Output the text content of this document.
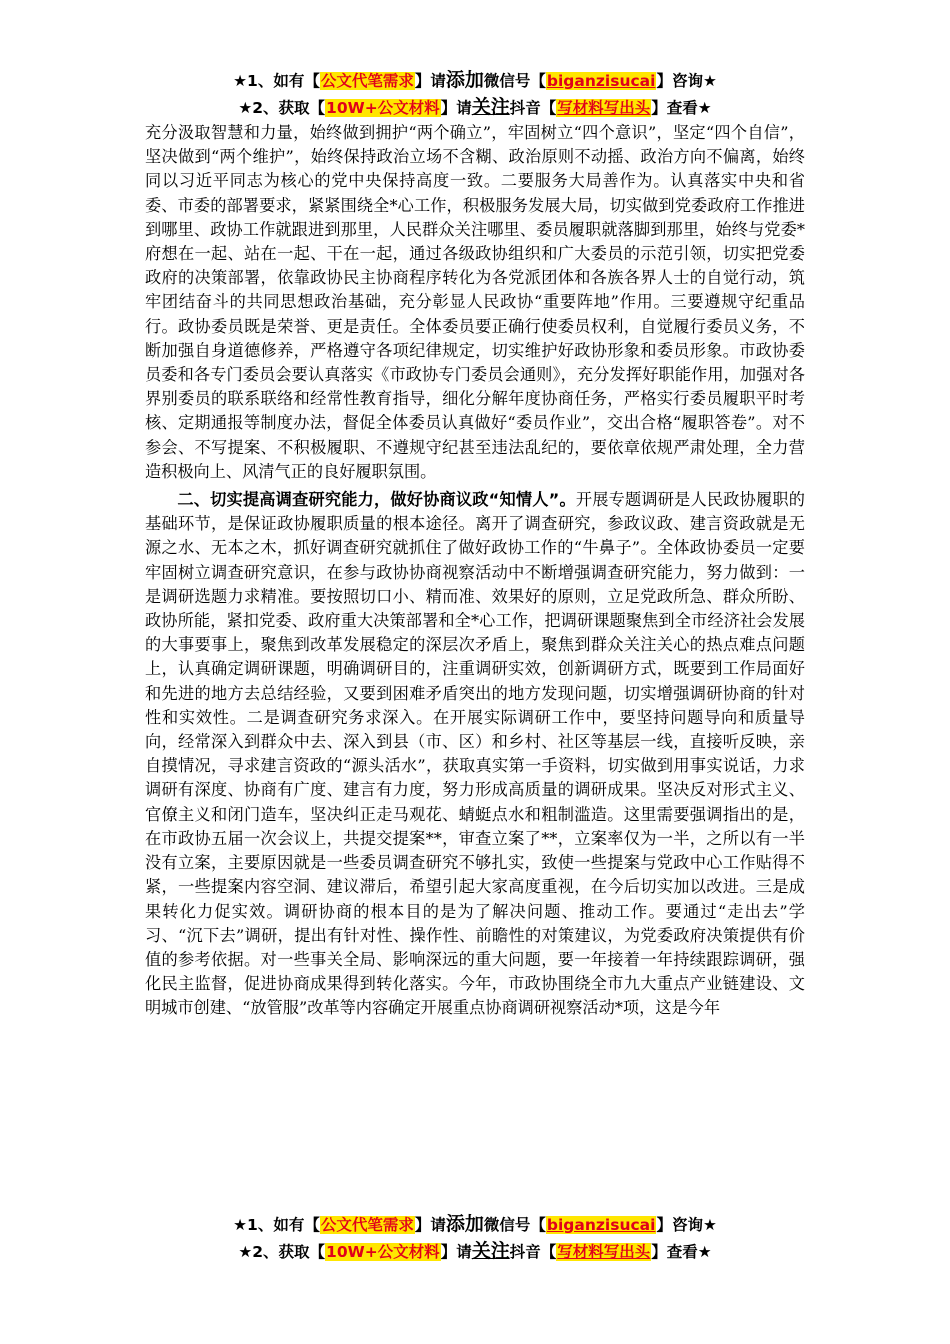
★1、如有【公文代笔需求】请添加微信号【biganzisucai】咨询★
★2、获取【10W+公文材料】请关注抖音【写材料写出头】查看★

充分汲取智慧和力量，始终做到拥护“两个确立”，牢固树立“四个意识”，坚定“四个自信”，坚决做到“两个维护”，始终保持政治立场不含糊、政治原则不动摇、政治方向不偏离，始终同以习近平同志为核心的党中央保持高度一致。二要服务大局善作为。认真落实中央和省委、市委的部署要求，紧紧围绕全*心工作，积极服务发展大局，切实做到党委政府工作推进到哪里、政协工作就跟进到那里，人民群众关注哪里、委员履职就落脚到那里，始终与党委*府想在一起、站在一起、干在一起，通过各级政协组织和广大委员的示范引领，切实把党委政府的决策部署，依靠政协民主协商程序转化为各党派团体和各族各界人士的自觉行动，筑牢团结奋斗的共同思想政治基础，充分彰显人民政协“重要阵地”作用。三要遵规守纪重品行。政协委员既是荣誉、更是责任。全体委员要正确行使委员权利，自觉履行委员义务，不断加强自身道德修养，严格遵守各项纪律规定，切实维护好政协形象和委员形象。市政协委员委和各专门委员会要认真落实《市政协专门委员会通则》，充分发挥好职能作用，加强对各界别委员的联系联络和经常性教育指导，细化分解年度协商任务，严格实行委员履职平时考核、定期通报等制度办法，督促全体委员认真做好“委员作业”，交出合格“履职答卷”。对不参会、不写提案、不积极履职、不遵规守纪甚至违法乱纪的，要依章依规严肃处理，全力营造积极向上、风清气正的良好履职氛围。

二、切实提高调查研究能力，做好协商议政“知情人”。开展专题调研是人民政协履职的基础环节，是保证政协履职质量的根本途径。离开了调查研究，参政议政、建言资政就是无源之水、无本之木，抓好调查研究就抓住了做好政协工作的“牛鼻子”。全体政协委员一定要牢固树立调查研究意识，在参与政协协商视察活动中不断增强调查研究能力，努力做到：一是调研选题力求精准。要按照切口小、精而准、效果好的原则，立足党政所急、群众所盼、政协所能，紧扣党委、政府重大决策部署和全*心工作，把调研课题聚焦到全市经济社会发展的大事要事上，聚焦到改革发展稳定的深层次矛盾上，聚焦到群众关注关心的热点难点问题上，认真确定调研课题，明确调研目的，注重调研实效，创新调研方式，既要到工作局面好和先进的地方去总结经验，又要到困难矛盾突出的地方发现问题，切实增强调研协商的针对性和实效性。二是调查研究务求深入。在开展实际调研工作中，要坚持问题导向和质量导向，经常深入到群众中去、深入到县（市、区）和乡村、社区等基层一线，直接听反映，亲自摸情况，寻求建言资政的“源头活水”，获取真实第一手资料，切实做到用事实说话，力求调研有深度、协商有广度、建言有力度，努力形成高质量的调研成果。坚决反对形式主义、官僚主义和闭门造车，坚决纠正走马观花、蜻蜓点水和粗制滥造。这里需要强调指出的是，在市政协五届一次会议上，共提交提案**，审查立案了**，立案率仅为一半，之所以有一半没有立案，主要原因就是一些委员调查研究不够扎实，致使一些提案与党政中心工作贴得不紧，一些提案内容空洞、建议滞后，希望引起大家高度重视，在今后切实加以改进。三是成果转化力促实效。调研协商的根本目的是为了解决问题、推动工作。要通过“走出去”学习、“沉下去”调研，提出有针对性、操作性、前瞻性的对策建议，为党委政府决策提供有价值的参考依据。对一些事关全局、影响深远的重大问题，要一年接着一年持续跟踪调研，强化民主监督，促进协商成果得到转化落实。今年，市政协围绕全市九大重点产业链建设、文明城市创建、“放管服”改革等内容确定开展重点协商调研视察活动*项，这是今年

★1、如有【公文代笔需求】请添加微信号【biganzisucai】咨询★
★2、获取【10W+公文材料】请关注抖音【写材料写出头】查看★
